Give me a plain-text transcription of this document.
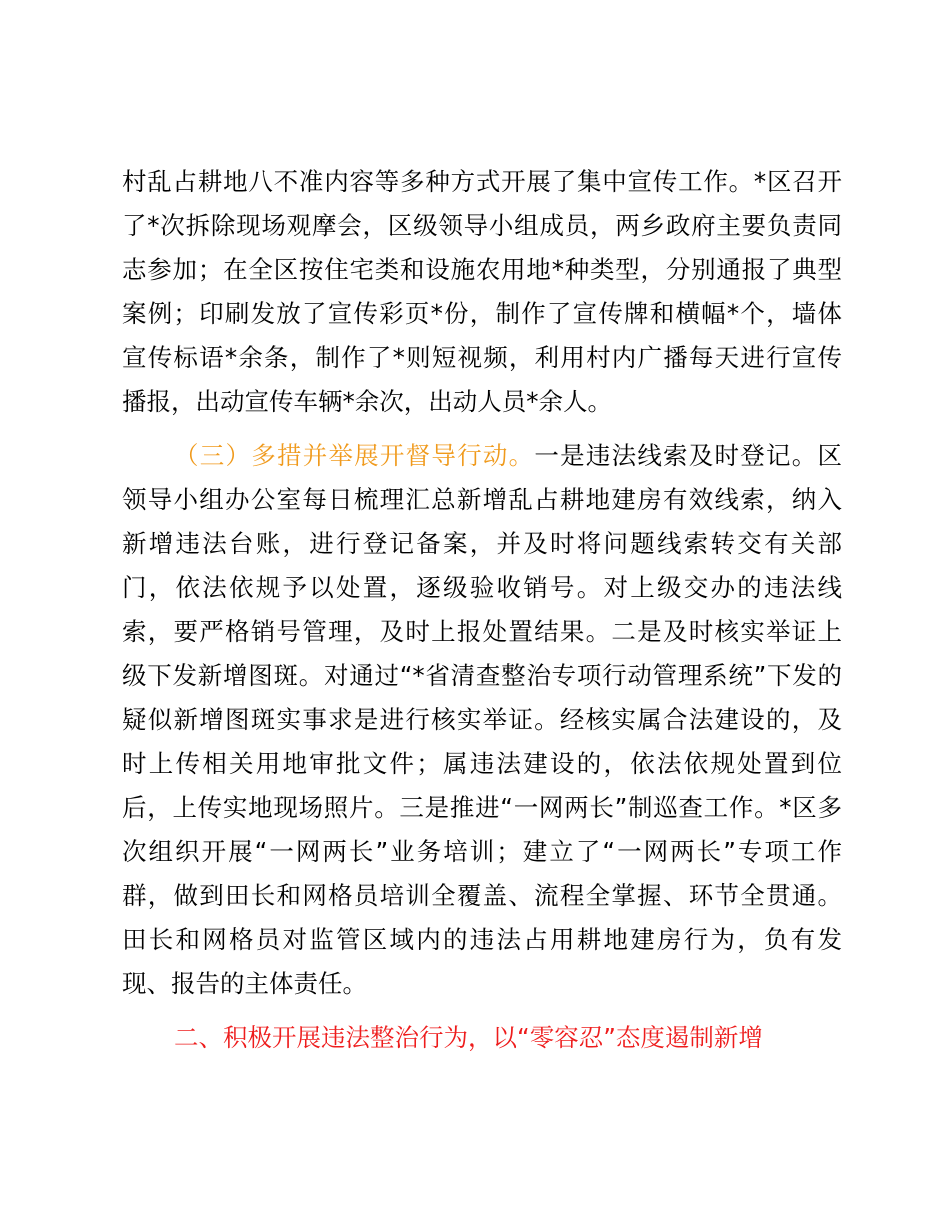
村乱占耕地八不准内容等多种方式开展了集中宣传工作。*区召开
了*次拆除现场观摩会，区级领导小组成员，两乡政府主要负责同
志参加；在全区按住宅类和设施农用地*种类型，分别通报了典型
案例；印刷发放了宣传彩页*份，制作了宣传牌和横幅*个，墙体
宣传标语*余条，制作了*则短视频，利用村内广播每天进行宣传
播报，出动宣传车辆*余次，出动人员*余人。
（三）多措并举展开督导行动。一是违法线索及时登记。区
领导小组办公室每日梳理汇总新增乱占耕地建房有效线索，纳入
新增违法台账，进行登记备案，并及时将问题线索转交有关部
门，依法依规予以处置，逐级验收销号。对上级交办的违法线
索，要严格销号管理，及时上报处置结果。二是及时核实举证上
级下发新增图斑。对通过“*省清查整治专项行动管理系统”下发的
疑似新增图斑实事求是进行核实举证。经核实属合法建设的，及
时上传相关用地审批文件；属违法建设的，依法依规处置到位
后，上传实地现场照片。三是推进“一网两长”制巡查工作。*区多
次组织开展“一网两长”业务培训；建立了“一网两长”专项工作
群，做到田长和网格员培训全覆盖、流程全掌握、环节全贯通。
田长和网格员对监管区域内的违法占用耕地建房行为，负有发
现、报告的主体责任。
二、积极开展违法整治行为，以“零容忍”态度遏制新增
